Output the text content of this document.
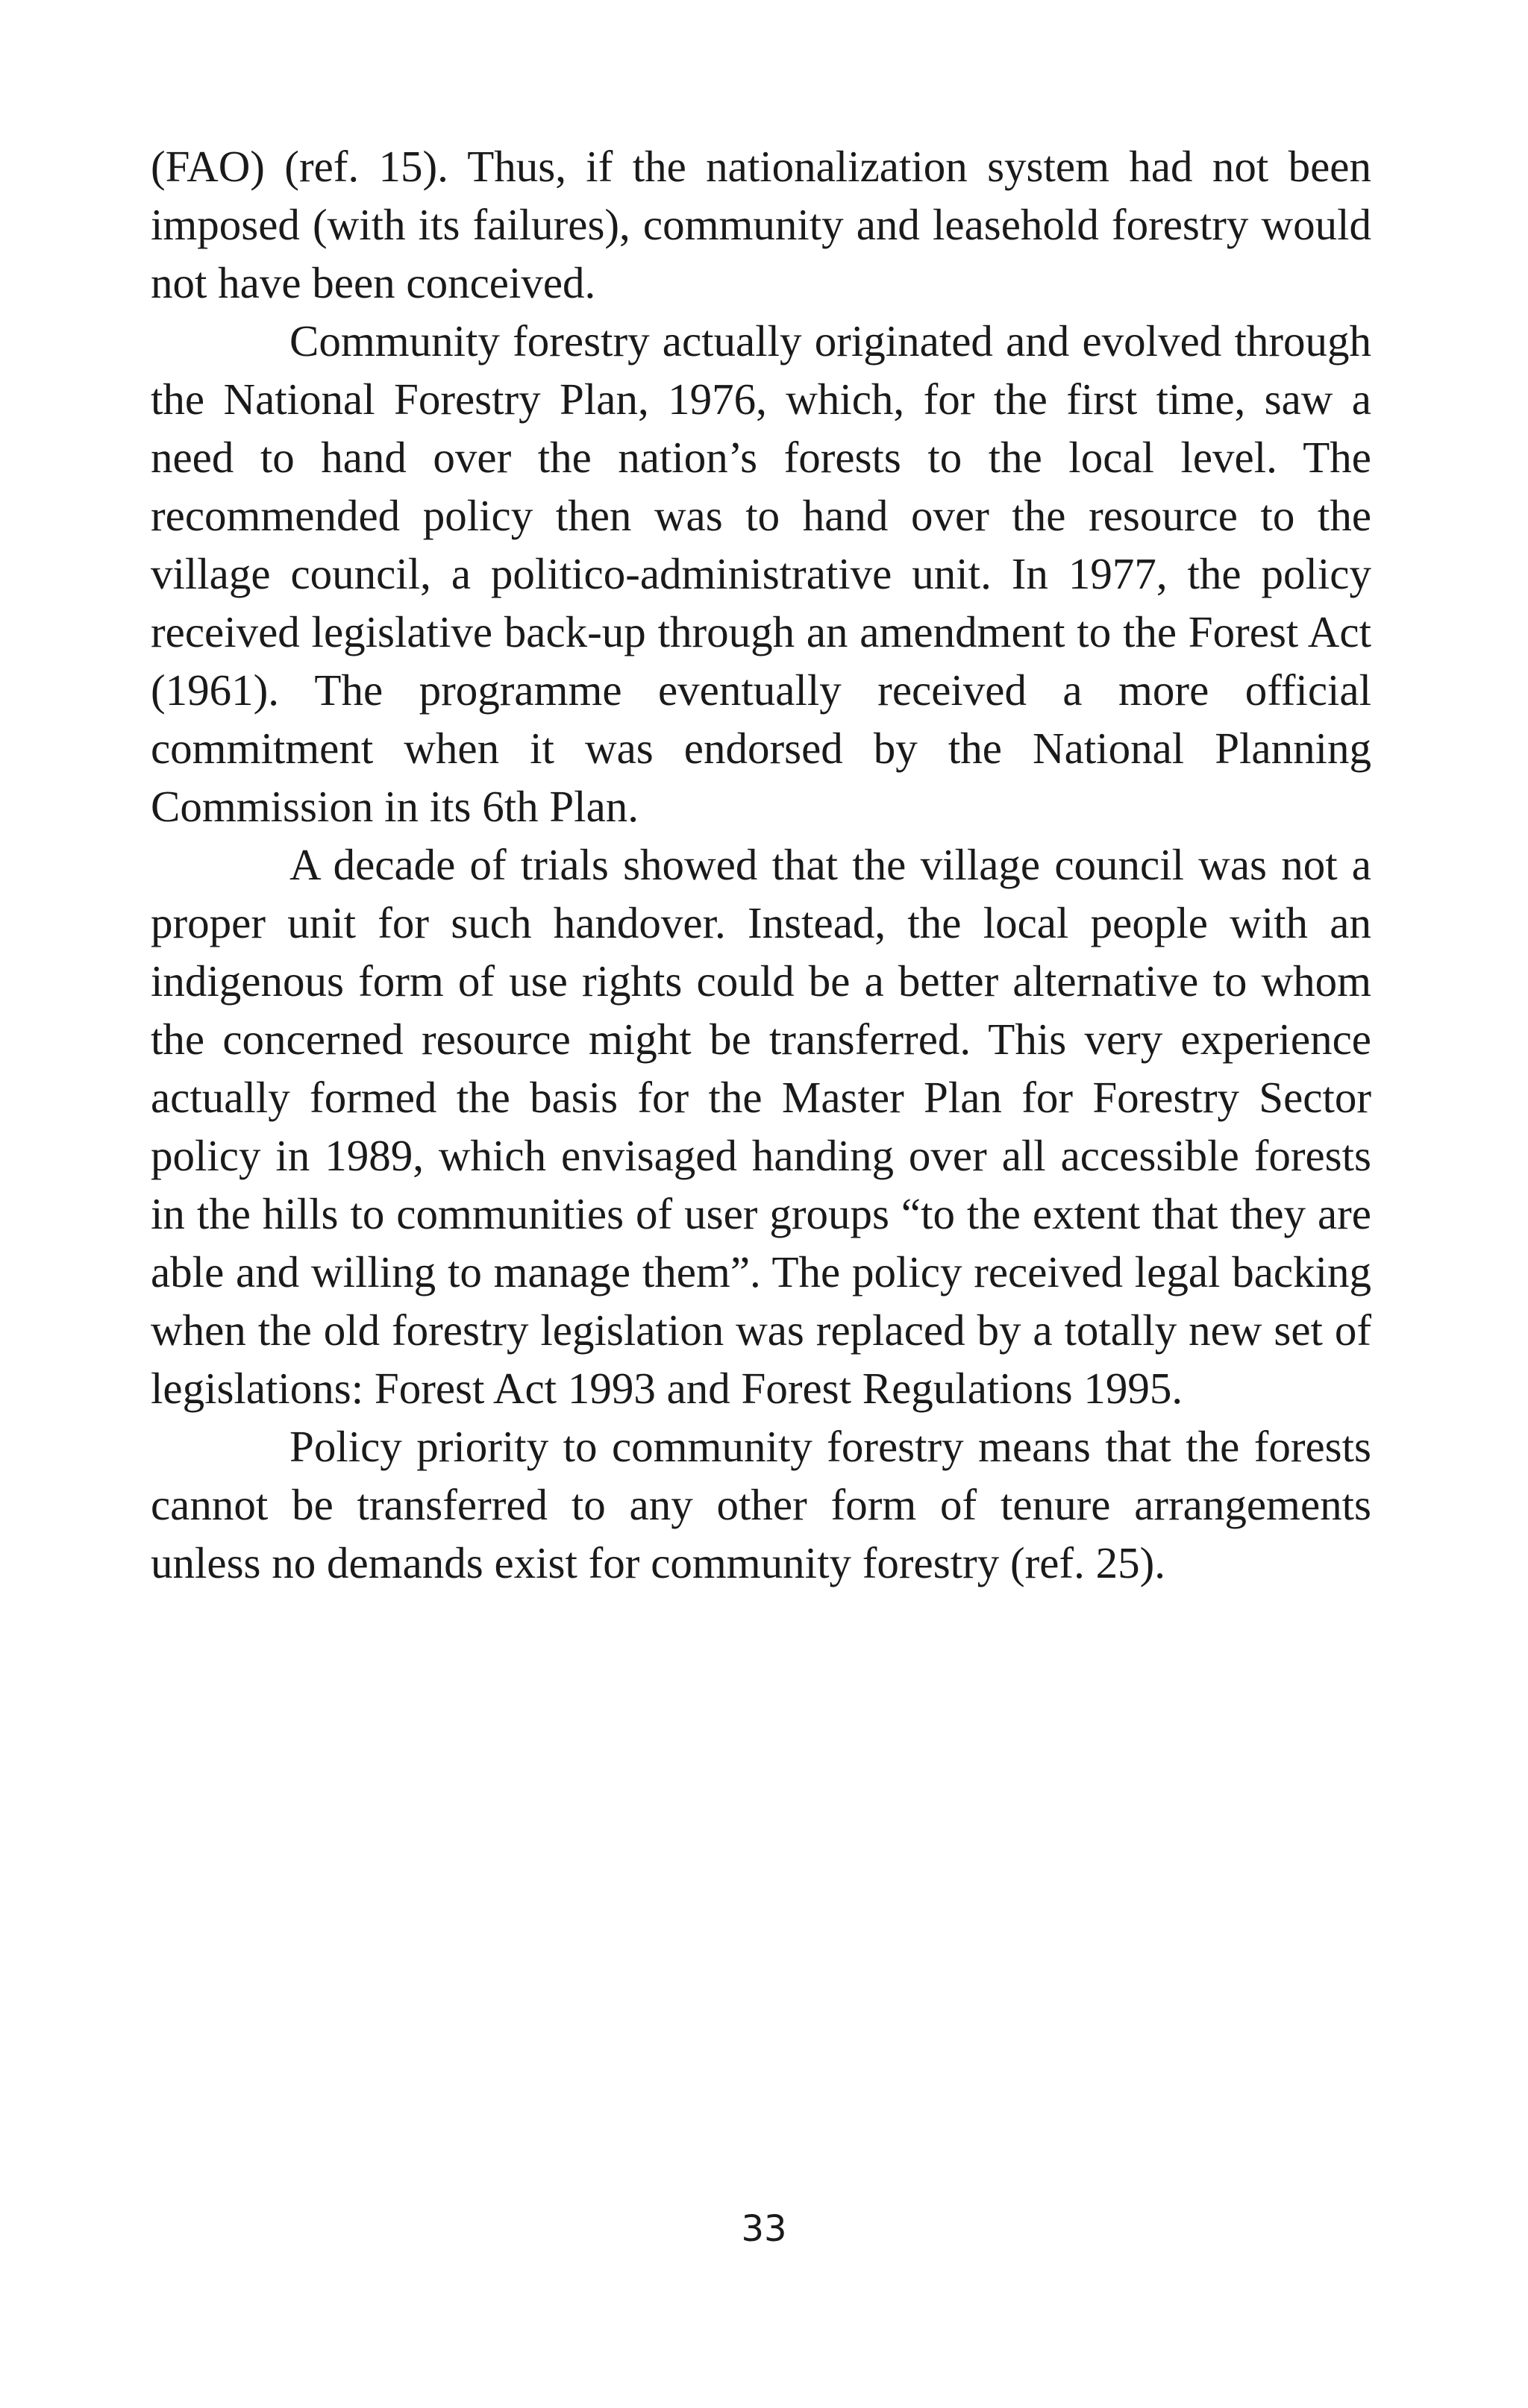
(FAO) (ref. 15). Thus, if the nationalization system had not been imposed (with its failures), community and leasehold forestry would not have been conceived.

Community forestry actually originated and evolved through the National Forestry Plan, 1976, which, for the first time, saw a need to hand over the nation’s forests to the local level. The recommended policy then was to hand over the resource to the village council, a politico-administrative unit. In 1977, the policy received legislative back-up through an amendment to the Forest Act (1961). The programme eventually received a more official commitment when it was endorsed by the National Planning Commission in its 6th Plan.

A decade of trials showed that the village council was not a proper unit for such handover. Instead, the local people with an indigenous form of use rights could be a better alternative to whom the concerned resource might be transferred. This very experience actually formed the basis for the Master Plan for Forestry Sector policy in 1989, which envisaged handing over all accessible forests in the hills to communities of user groups “to the extent that they are able and willing to manage them”. The policy received legal backing when the old forestry legislation was replaced by a totally new set of legislations: Forest Act 1993 and Forest Regulations 1995.

Policy priority to community forestry means that the forests cannot be transferred to any other form of tenure arrangements unless no demands exist for community forestry (ref. 25).

33
